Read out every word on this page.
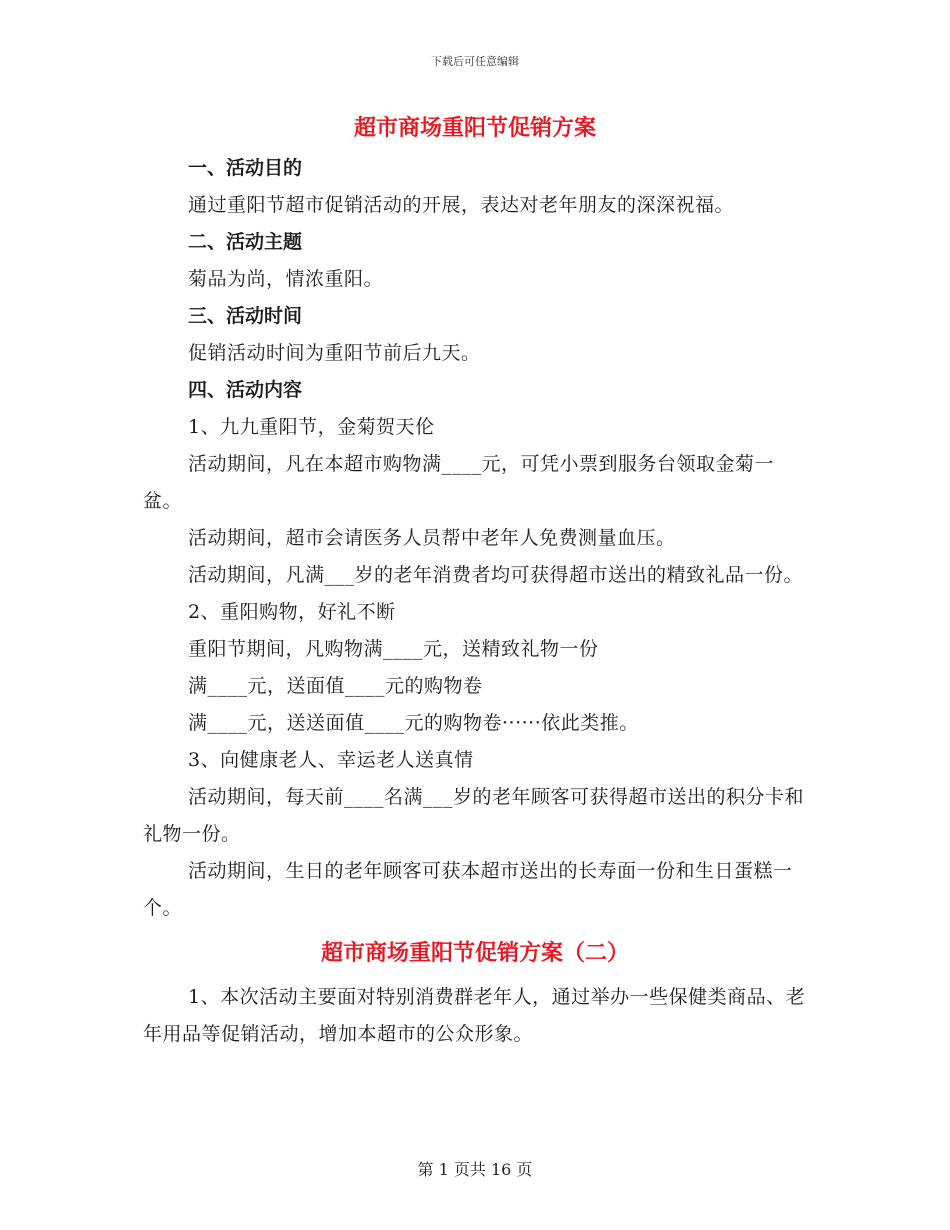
下载后可任意编辑
超市商场重阳节促销方案

一、活动目的

通过重阳节超市促销活动的开展，表达对老年朋友的深深祝福。

二、活动主题

菊品为尚，情浓重阳。

三、活动时间

促销活动时间为重阳节前后九天。

四、活动内容

1、九九重阳节，金菊贺天伦

活动期间，凡在本超市购物满____元，可凭小票到服务台领取金菊一盆。

活动期间，超市会请医务人员帮中老年人免费测量血压。

活动期间，凡满___岁的老年消费者均可获得超市送出的精致礼品一份。

2、重阳购物，好礼不断

重阳节期间，凡购物满____元，送精致礼物一份

满____元，送面值____元的购物卷

满____元，送送面值____元的购物卷······依此类推。

3、向健康老人、幸运老人送真情

活动期间，每天前____名满___岁的老年顾客可获得超市送出的积分卡和礼物一份。

活动期间，生日的老年顾客可获本超市送出的长寿面一份和生日蛋糕一个。

超市商场重阳节促销方案（二）

1、本次活动主要面对特别消费群老年人，通过举办一些保健类商品、老年用品等促销活动，增加本超市的公众形象。

第 1 页共 16 页
